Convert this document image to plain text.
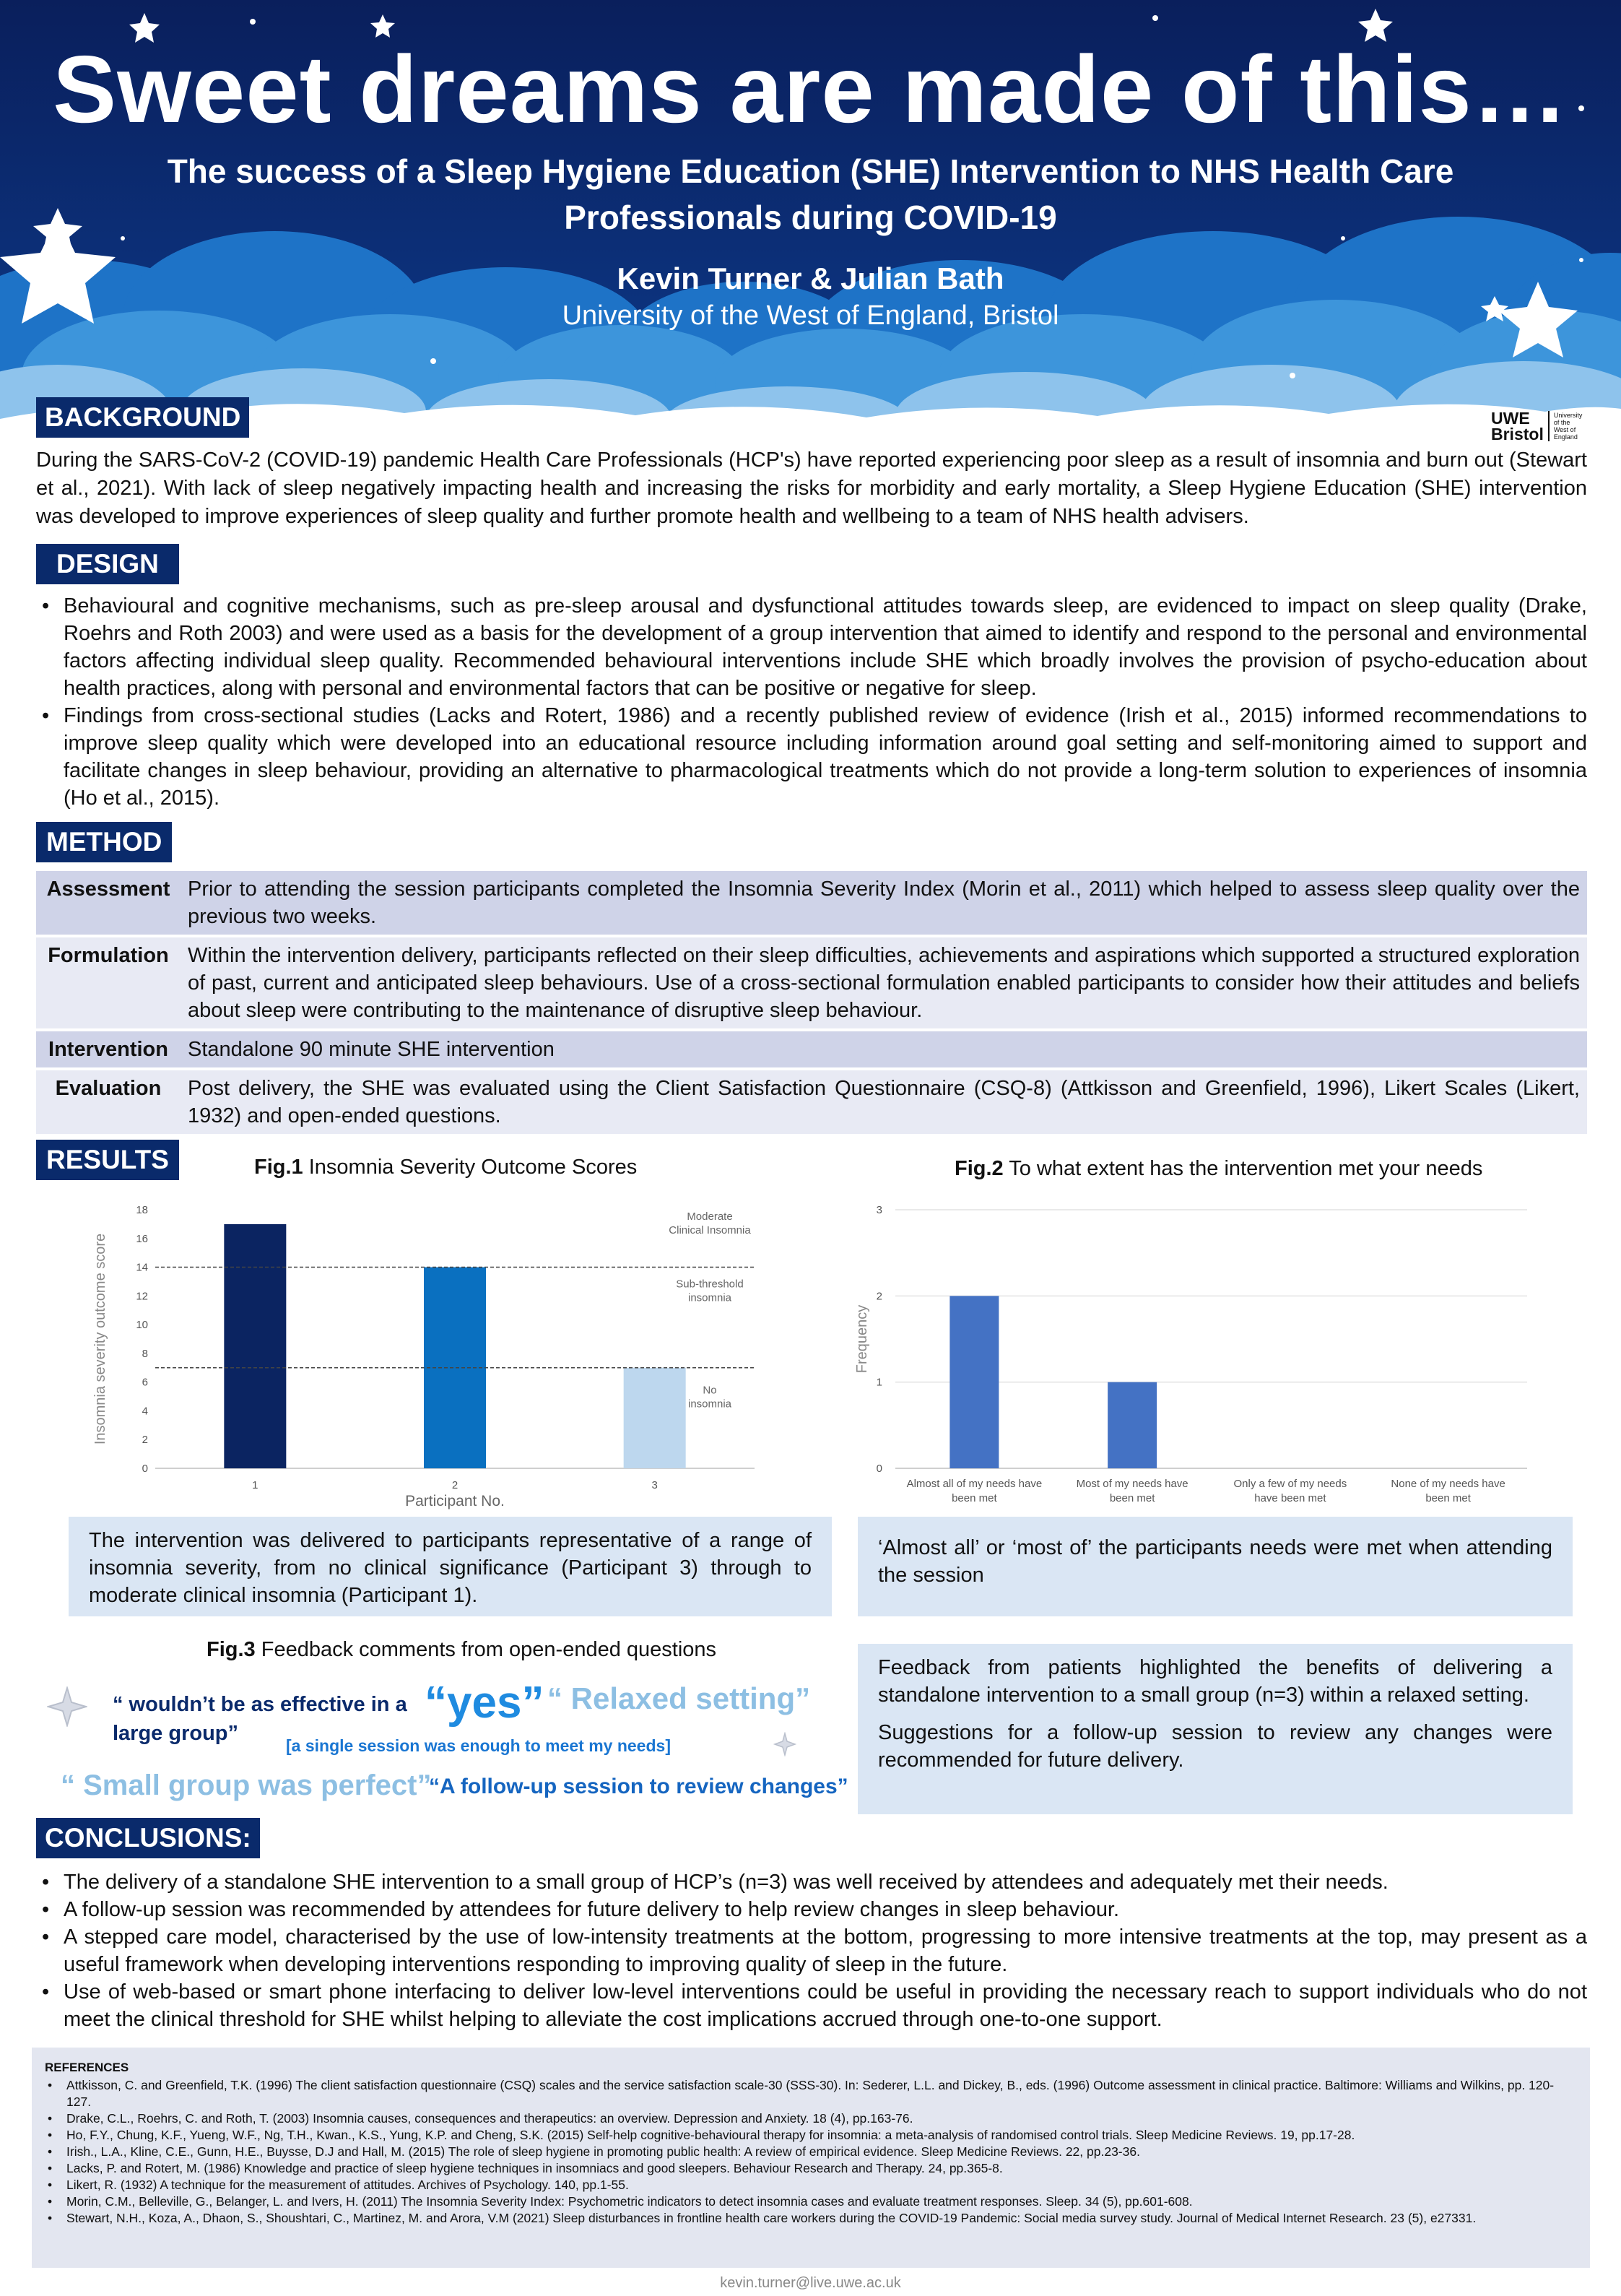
Sweet dreams are made of this…
The success of a Sleep Hygiene Education (SHE) Intervention to NHS Health Care
Professionals during COVID-19
Kevin Turner & Julian Bath
University of the West of England, Bristol
UWE
Bristol
University
of the
West of
England
BACKGROUND
During the SARS-CoV-2 (COVID-19) pandemic Health Care Professionals (HCP's) have reported experiencing poor sleep as a result of insomnia and burn out (Stewart et al., 2021). With lack of sleep negatively impacting health and increasing the risks for morbidity and early mortality, a Sleep Hygiene Education (SHE) intervention was developed to improve experiences of sleep quality and further promote health and wellbeing to a team of NHS health advisers.
DESIGN
• Behavioural and cognitive mechanisms, such as pre-sleep arousal and dysfunctional attitudes towards sleep, are evidenced to impact on sleep quality (Drake, Roehrs and Roth 2003) and were used as a basis for the development of a group intervention that aimed to identify and respond to the personal and environmental factors affecting individual sleep quality. Recommended behavioural interventions include SHE which broadly involves the provision of psycho-education about health practices, along with personal and environmental factors that can be positive or negative for sleep.
• Findings from cross-sectional studies (Lacks and Rotert, 1986) and a recently published review of evidence (Irish et al., 2015) informed recommendations to improve sleep quality which were developed into an educational resource including information around goal setting and self-monitoring aimed to support and facilitate changes in sleep behaviour, providing an alternative to pharmacological treatments which do not provide a long-term solution to experiences of insomnia (Ho et al., 2015).
METHOD
Assessment	Prior to attending the session participants completed the Insomnia Severity Index (Morin et al., 2011) which helped to assess sleep quality over the previous two weeks.
Formulation	Within the intervention delivery, participants reflected on their sleep difficulties, achievements and aspirations which supported a structured exploration of past, current and anticipated sleep behaviours. Use of a cross-sectional formulation enabled participants to consider how their attitudes and beliefs about sleep were contributing to the maintenance of disruptive sleep behaviour.
Intervention	Standalone 90 minute SHE intervention
Evaluation	Post delivery, the SHE was evaluated using the Client Satisfaction Questionnaire (CSQ-8) (Attkisson and Greenfield, 1996), Likert Scales (Likert, 1932) and open-ended questions.
RESULTS	Fig.1 Insomnia Severity Outcome Scores	Fig.2 To what extent has the intervention met your needs
0
2
4
6
8
10
12
14
16
18
1	2	3
Moderate Clinical Insomnia
Sub-threshold insomnia
No insomnia
Participant No.
Insomnia severity outcome score
0
1
2
3
Almost all of my needs have been met
Most of my needs have been met
Only a few of my needs have been met
None of my needs have been met
Frequency
The intervention was delivered to participants representative of a range of insomnia severity, from no clinical significance (Participant 3) through to moderate clinical insomnia (Participant 1).
‘Almost all’ or ‘most of’ the participants needs were met when attending the session
Fig.3 Feedback comments from open-ended questions
“ wouldn’t be as effective in a
large group”
“yes”
[a single session was enough to meet my needs]
“ Relaxed setting”
“ Small group was perfect”
“A follow-up session to review changes”

Feedback from patients highlighted the benefits of delivering a standalone intervention to a small group (n=3) within a relaxed setting.

Suggestions for a follow-up session to review any changes were recommended for future delivery.

CONCLUSIONS:
• The delivery of a standalone SHE intervention to a small group of HCP’s (n=3) was well received by attendees and adequately met their needs.
• A follow-up session was recommended by attendees for future delivery to help review changes in sleep behaviour.
• A stepped care model, characterised by the use of low-intensity treatments at the bottom, progressing to more intensive treatments at the top, may present as a useful framework when developing interventions responding to improving quality of sleep in the future.
• Use of web-based or smart phone interfacing to deliver low-level interventions could be useful in providing the necessary reach to support individuals who do not meet the clinical threshold for SHE whilst helping to alleviate the cost implications accrued through one-to-one support.
REFERENCES
• Attkisson, C. and Greenfield, T.K. (1996) The client satisfaction questionnaire (CSQ) scales and the service satisfaction scale-30 (SSS-30). In: Sederer, L.L. and Dickey, B., eds. (1996) Outcome assessment in clinical practice. Baltimore: Williams and Wilkins, pp. 120-127.
• Drake, C.L., Roehrs, C. and Roth, T. (2003) Insomnia causes, consequences and therapeutics: an overview. Depression and Anxiety. 18 (4), pp.163-76.
• Ho, F.Y., Chung, K.F., Yueng, W.F., Ng, T.H., Kwan., K.S., Yung, K.P. and Cheng, S.K. (2015) Self-help cognitive-behavioural therapy for insomnia: a meta-analysis of randomised control trials. Sleep Medicine Reviews. 19, pp.17-28.
• Irish., L.A., Kline, C.E., Gunn, H.E., Buysse, D.J and Hall, M. (2015) The role of sleep hygiene in promoting public health: A review of empirical evidence. Sleep Medicine Reviews. 22, pp.23-36.
• Lacks, P. and Rotert, M. (1986) Knowledge and practice of sleep hygiene techniques in insomniacs and good sleepers. Behaviour Research and Therapy. 24, pp.365-8.
• Likert, R. (1932) A technique for the measurement of attitudes. Archives of Psychology. 140, pp.1-55.
• Morin, C.M., Belleville, G., Belanger, L. and Ivers, H. (2011) The Insomnia Severity Index: Psychometric indicators to detect insomnia cases and evaluate treatment responses. Sleep. 34 (5), pp.601-608.
• Stewart, N.H., Koza, A., Dhaon, S., Shoushtari, C., Martinez, M. and Arora, V.M (2021) Sleep disturbances in frontline health care workers during the COVID-19 Pandemic: Social media survey study. Journal of Medical Internet Research. 23 (5), e27331.
kevin.turner@live.uwe.ac.uk
